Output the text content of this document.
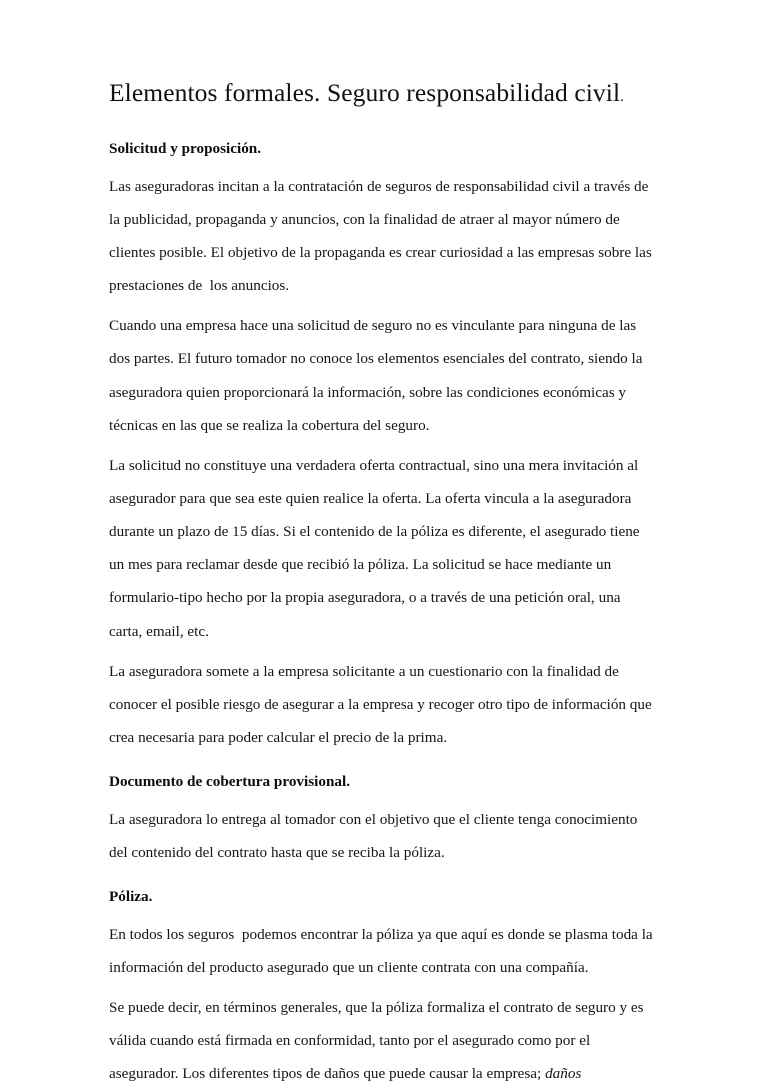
Elementos formales. Seguro responsabilidad civil.

Solicitud y proposición.

Las aseguradoras incitan a la contratación de seguros de responsabilidad civil a través de la publicidad, propaganda y anuncios, con la finalidad de atraer al mayor número de clientes posible. El objetivo de la propaganda es crear curiosidad a las empresas sobre las prestaciones de  los anuncios.

Cuando una empresa hace una solicitud de seguro no es vinculante para ninguna de las dos partes. El futuro tomador no conoce los elementos esenciales del contrato, siendo la aseguradora quien proporcionará la información, sobre las condiciones económicas y técnicas en las que se realiza la cobertura del seguro.

La solicitud no constituye una verdadera oferta contractual, sino una mera invitación al asegurador para que sea este quien realice la oferta. La oferta vincula a la aseguradora durante un plazo de 15 días. Si el contenido de la póliza es diferente, el asegurado tiene un mes para reclamar desde que recibió la póliza. La solicitud se hace mediante un formulario-tipo hecho por la propia aseguradora, o a través de una petición oral, una carta, email, etc.

La aseguradora somete a la empresa solicitante a un cuestionario con la finalidad de conocer el posible riesgo de asegurar a la empresa y recoger otro tipo de información que crea necesaria para poder calcular el precio de la prima.

Documento de cobertura provisional.

La aseguradora lo entrega al tomador con el objetivo que el cliente tenga conocimiento del contenido del contrato hasta que se reciba la póliza.

Póliza.

En todos los seguros  podemos encontrar la póliza ya que aquí es donde se plasma toda la información del producto asegurado que un cliente contrata con una compañía.

Se puede decir, en términos generales, que la póliza formaliza el contrato de seguro y es válida cuando está firmada en conformidad, tanto por el asegurado como por el asegurador. Los diferentes tipos de daños que puede causar la empresa; daños
